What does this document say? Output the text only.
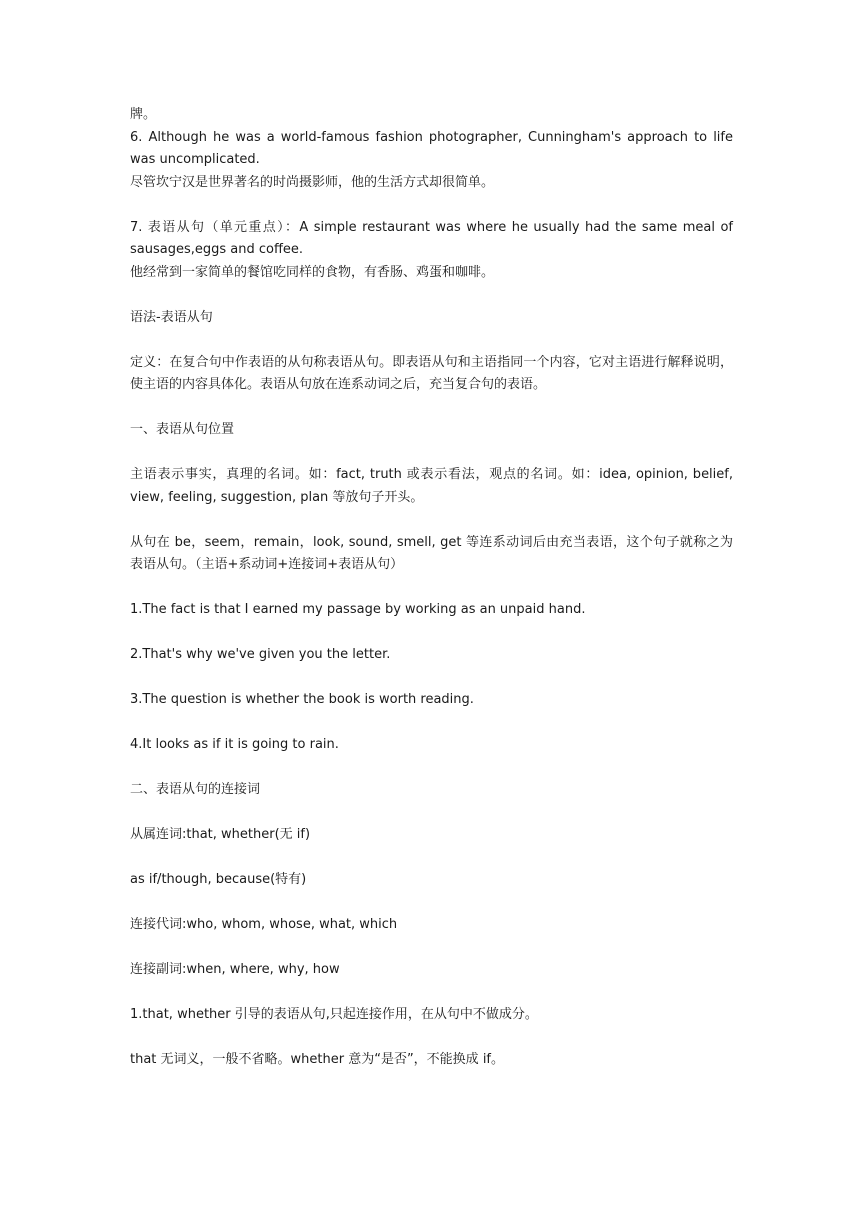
牌。

6. Although he was a world-famous fashion photographer, Cunningham's approach to life was uncomplicated.

尽管坎宁汉是世界著名的时尚摄影师，他的生活方式却很简单。

7. 表语从句（单元重点）：A simple restaurant was where he usually had the same meal of sausages,eggs and coffee.

他经常到一家简单的餐馆吃同样的食物，有香肠、鸡蛋和咖啡。

语法-表语从句

定义：在复合句中作表语的从句称表语从句。即表语从句和主语指同一个内容，它对主语进行解释说明，使主语的内容具体化。表语从句放在连系动词之后，充当复合句的表语。

一、表语从句位置

主语表示事实，真理的名词。如：fact, truth 或表示看法，观点的名词。如：idea, opinion, belief, view, feeling, suggestion, plan 等放句子开头。

从句在 be，seem，remain，look, sound, smell, get 等连系动词后由充当表语，这个句子就称之为表语从句。（主语+系动词+连接词+表语从句）

1.The fact is that I earned my passage by working as an unpaid hand.

2.That's why we've given you the letter.

3.The question is whether the book is worth reading.

4.It looks as if it is going to rain.

二、表语从句的连接词

从属连词:that, whether(无 if)

as if/though, because(特有)

连接代词:who, whom, whose, what, which

连接副词:when, where, why, how

1.that, whether 引导的表语从句,只起连接作用，在从句中不做成分。

that 无词义，一般不省略。whether 意为“是否”，不能换成 if。
